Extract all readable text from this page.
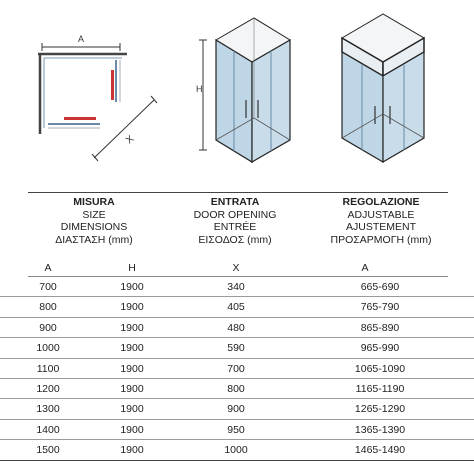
A
X
H
MISURA
SIZE
DIMENSIONS
ΔΙΑΣΤΑΣΗ (mm)
ENTRATA
DOOR OPENING
ENTRÉE
ΕΙΣΟΔΟΣ (mm)
REGOLAZIONE
ADJUSTABLE
AJUSTEMENT
ΠΡΟΣΑΡΜΟΓΗ (mm)
A	H	X	A
700	1900	340	665-690
800	1900	405	765-790
900	1900	480	865-890
1000	1900	590	965-990
1100	1900	700	1065-1090
1200	1900	800	1165-1190
1300	1900	900	1265-1290
1400	1900	950	1365-1390
1500	1900	1000	1465-1490
